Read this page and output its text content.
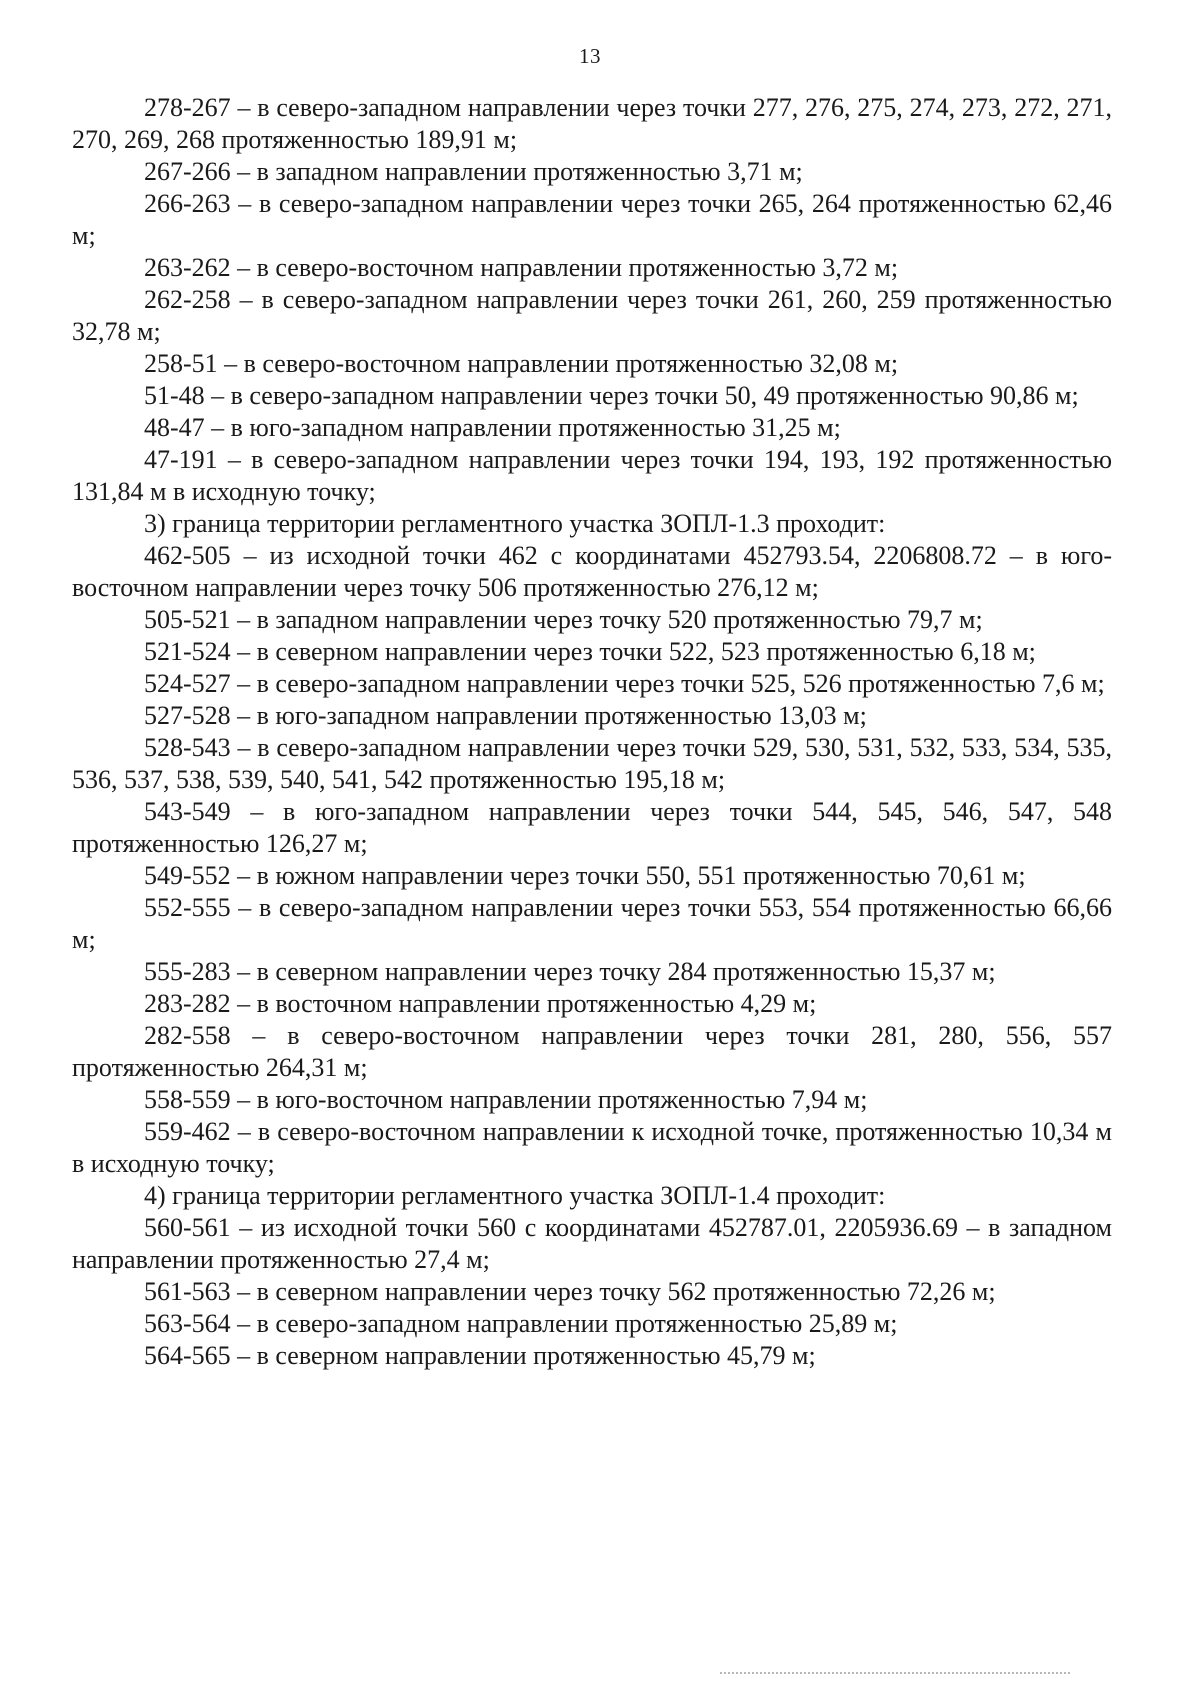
13

278-267 – в северо-западном направлении через точки 277, 276, 275, 274, 273, 272, 271, 270, 269, 268 протяженностью 189,91 м;

267-266 – в западном направлении протяженностью 3,71 м;

266-263 – в северо-западном направлении через точки 265, 264 протяженностью 62,46 м;

263-262 – в северо-восточном направлении протяженностью 3,72 м;

262-258 – в северо-западном направлении через точки 261, 260, 259 протяженностью 32,78 м;

258-51 – в северо-восточном направлении протяженностью 32,08 м;

51-48 – в северо-западном направлении через точки 50, 49 протяженностью 90,86 м;

48-47 – в юго-западном направлении протяженностью 31,25 м;

47-191 – в северо-западном направлении через точки 194, 193, 192 протяженностью 131,84 м в исходную точку;

3) граница территории регламентного участка ЗОПЛ-1.3 проходит:

462-505 – из исходной точки 462 с координатами 452793.54, 2206808.72 – в юго-восточном направлении через точку 506 протяженностью 276,12 м;

505-521 – в западном направлении через точку 520 протяженностью 79,7 м;

521-524 – в северном направлении через точки 522, 523 протяженностью 6,18 м;

524-527 – в северо-западном направлении через точки 525, 526 протяженностью 7,6 м;

527-528 – в юго-западном направлении протяженностью 13,03 м;

528-543 – в северо-западном направлении через точки 529, 530, 531, 532, 533, 534, 535, 536, 537, 538, 539, 540, 541, 542 протяженностью 195,18 м;

543-549 – в юго-западном направлении через точки 544, 545, 546, 547, 548 протяженностью 126,27 м;

549-552 – в южном направлении через точки 550, 551 протяженностью 70,61 м;

552-555 – в северо-западном направлении через точки 553, 554 протяженностью 66,66 м;

555-283 – в северном направлении через точку 284 протяженностью 15,37 м;

283-282 – в восточном направлении протяженностью 4,29 м;

282-558 – в северо-восточном направлении через точки 281, 280, 556, 557 протяженностью 264,31 м;

558-559 – в юго-восточном направлении протяженностью 7,94 м;

559-462 – в северо-восточном направлении к исходной точке, протяженностью 10,34 м в исходную точку;

4) граница территории регламентного участка ЗОПЛ-1.4 проходит:

560-561 – из исходной точки 560 с координатами 452787.01, 2205936.69 – в западном направлении протяженностью 27,4 м;

561-563 – в северном направлении через точку 562 протяженностью 72,26 м;

563-564 – в северо-западном направлении протяженностью 25,89 м;

564-565 – в северном направлении протяженностью 45,79 м;
